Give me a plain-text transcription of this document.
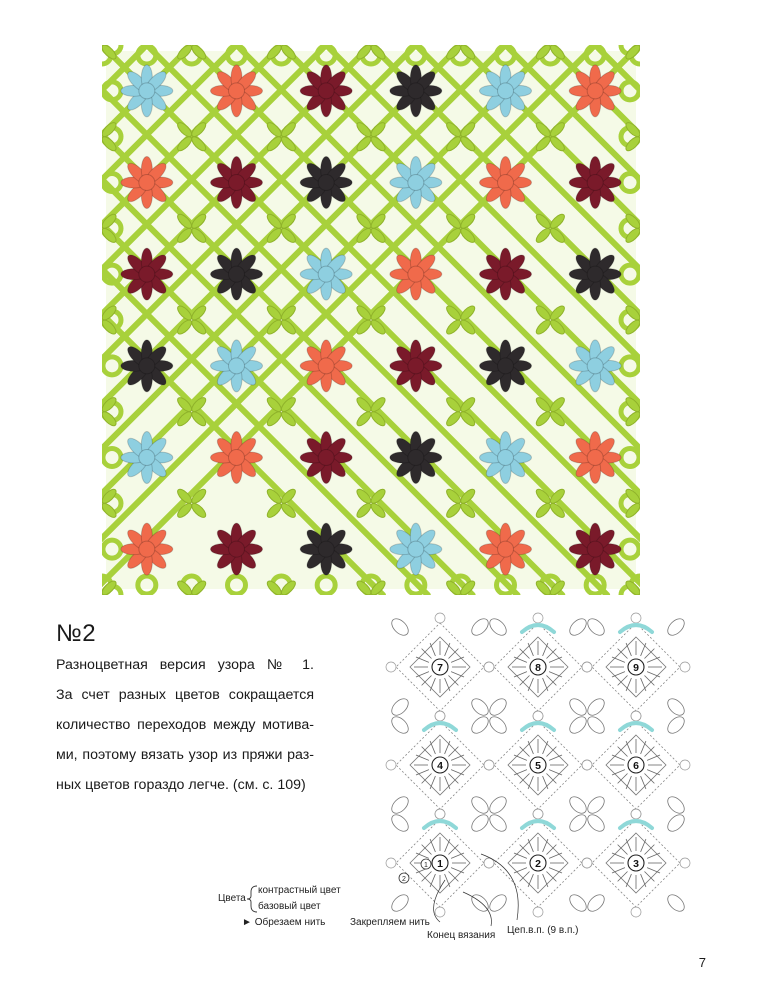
№2
Разноцветная версия узора № 1.
За счет разных цветов сокращается
количество переходов между мотива-
ми, поэтому вязать узор из пряжи раз-
ных цветов гораздо легче. (см. с. 109)
7	8	9
4	5	6
1	2	3
1
2
Цвета
контрастный цвет
базовый цвет
► Обрезаем нить Закрепляем нить
Конец вязания Цеп.в.п. (9 в.п.)
7
